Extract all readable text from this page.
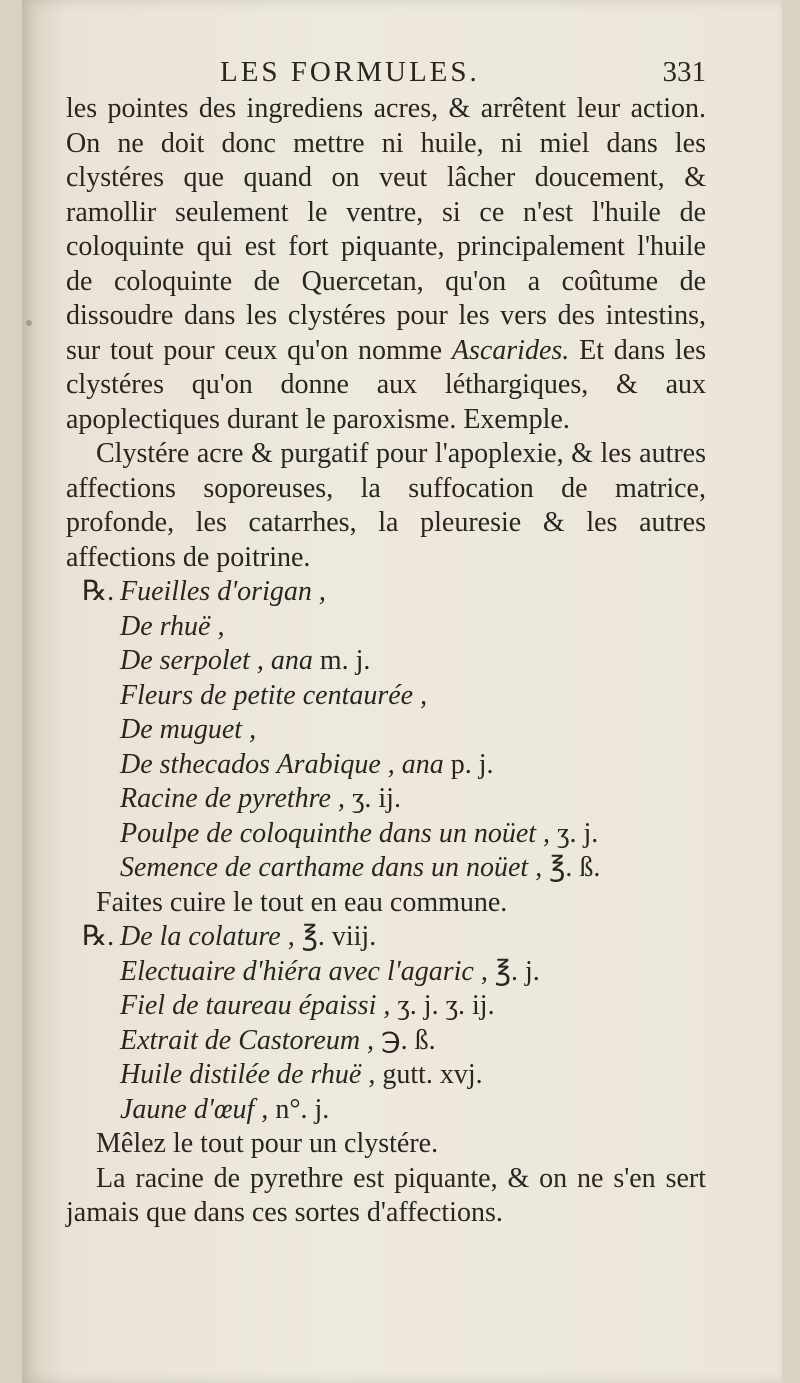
LES FORMULES.	331

les pointes des ingrediens acres, & arrêtent leur action. On ne doit donc mettre ni huile, ni miel dans les clystéres que quand on veut lâcher doucement, & ramollir seulement le ventre, si ce n'est l'huile de coloquinte qui est fort piquante, principalement l'huile de coloquinte de Quercetan, qu'on a coûtume de dissoudre dans les clystéres pour les vers des intestins, sur tout pour ceux qu'on nomme Ascarides. Et dans les clystéres qu'on donne aux léthargiques, & aux apoplectiques durant le paroxisme. Exemple.

Clystére acre & purgatif pour l'apoplexie, & les autres affections soporeuses, la suffocation de matrice, profonde, les catarrhes, la pleuresie & les autres affections de poitrine.

℞. Fueilles d'origan ,
De rhuë ,
De serpolet , ana m. j.
Fleurs de petite centaurée ,
De muguet ,
De sthecados Arabique , ana p. j.
Racine de pyrethre , ʒ. ij.
Poulpe de coloquinthe dans un noüet , ʒ. j.
Semence de carthame dans un noüet , ℥. ß.

Faites cuire le tout en eau commune.

℞. De la colature , ℥. viij.
Electuaire d'hiéra avec l'agaric , ℥. j.
Fiel de taureau épaissi , ʒ. j. ʒ. ij.
Extrait de Castoreum , ℈. ß.
Huile distilée de rhuë , gutt. xvj.
Jaune d'œuf , n°. j.

Mêlez le tout pour un clystére.

La racine de pyrethre est piquante, & on ne s'en sert jamais que dans ces sortes d'affections.
